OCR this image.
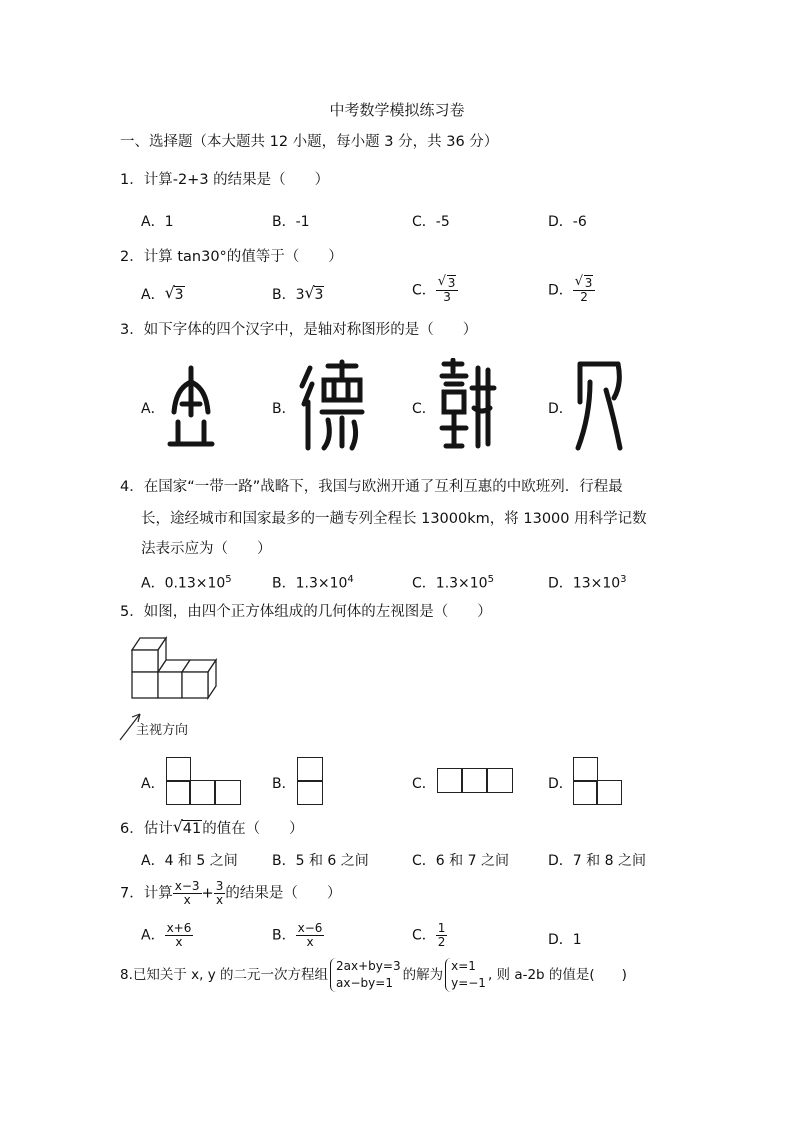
中考数学模拟练习卷
一、选择题（本大题共 12 小题，每小题 3 分，共 36 分）
1．计算-2+3 的结果是（　　）
A．1	B．-1	C．-5	D．-6
2．计算 tan30°的值等于（　　）
A． √ 3	B．3 √ 3	C． $\frac{√ 3}{3}$	D． $\frac{√ 3}{2}$
3．如下字体的四个汉字中，是轴对称图形的是（　　）
A．	B．	C．	D．
4．在国家“一带一路”战略下，我国与欧洲开通了互利互惠的中欧班列．行程最
长，途经城市和国家最多的一趟专列全程长 13000km，将 13000 用科学记数
法表示应为（　　）
A．$0.13\times 10^5$	B．$1.3\times 10^4$	C．$1.3\times 10^5$	D．$13\times 10^3$
5．如图，由四个正方体组成的几何体的左视图是（　　）
主视方向
A．	B．	C．	D．
6．估计 √ 41的值在（　　）
A．4 和 5 之间 B．5 和 6 之间	C．6 和 7 之间	D．7 和 8 之间
7．计算 $\frac{x-3}{x} + \frac{3}{x}$ 的结果是（　　）
A． $\frac{x+6}{x}$	B． $\frac{x-6}{x}$	C． $\frac{1}{2}$	D．1
8.已知关于 x, y 的二元一次方程组
2ax+by=3
ax−by=1 的解为
x=1
y=−1 , 则 a-2b 的值是(　　)
